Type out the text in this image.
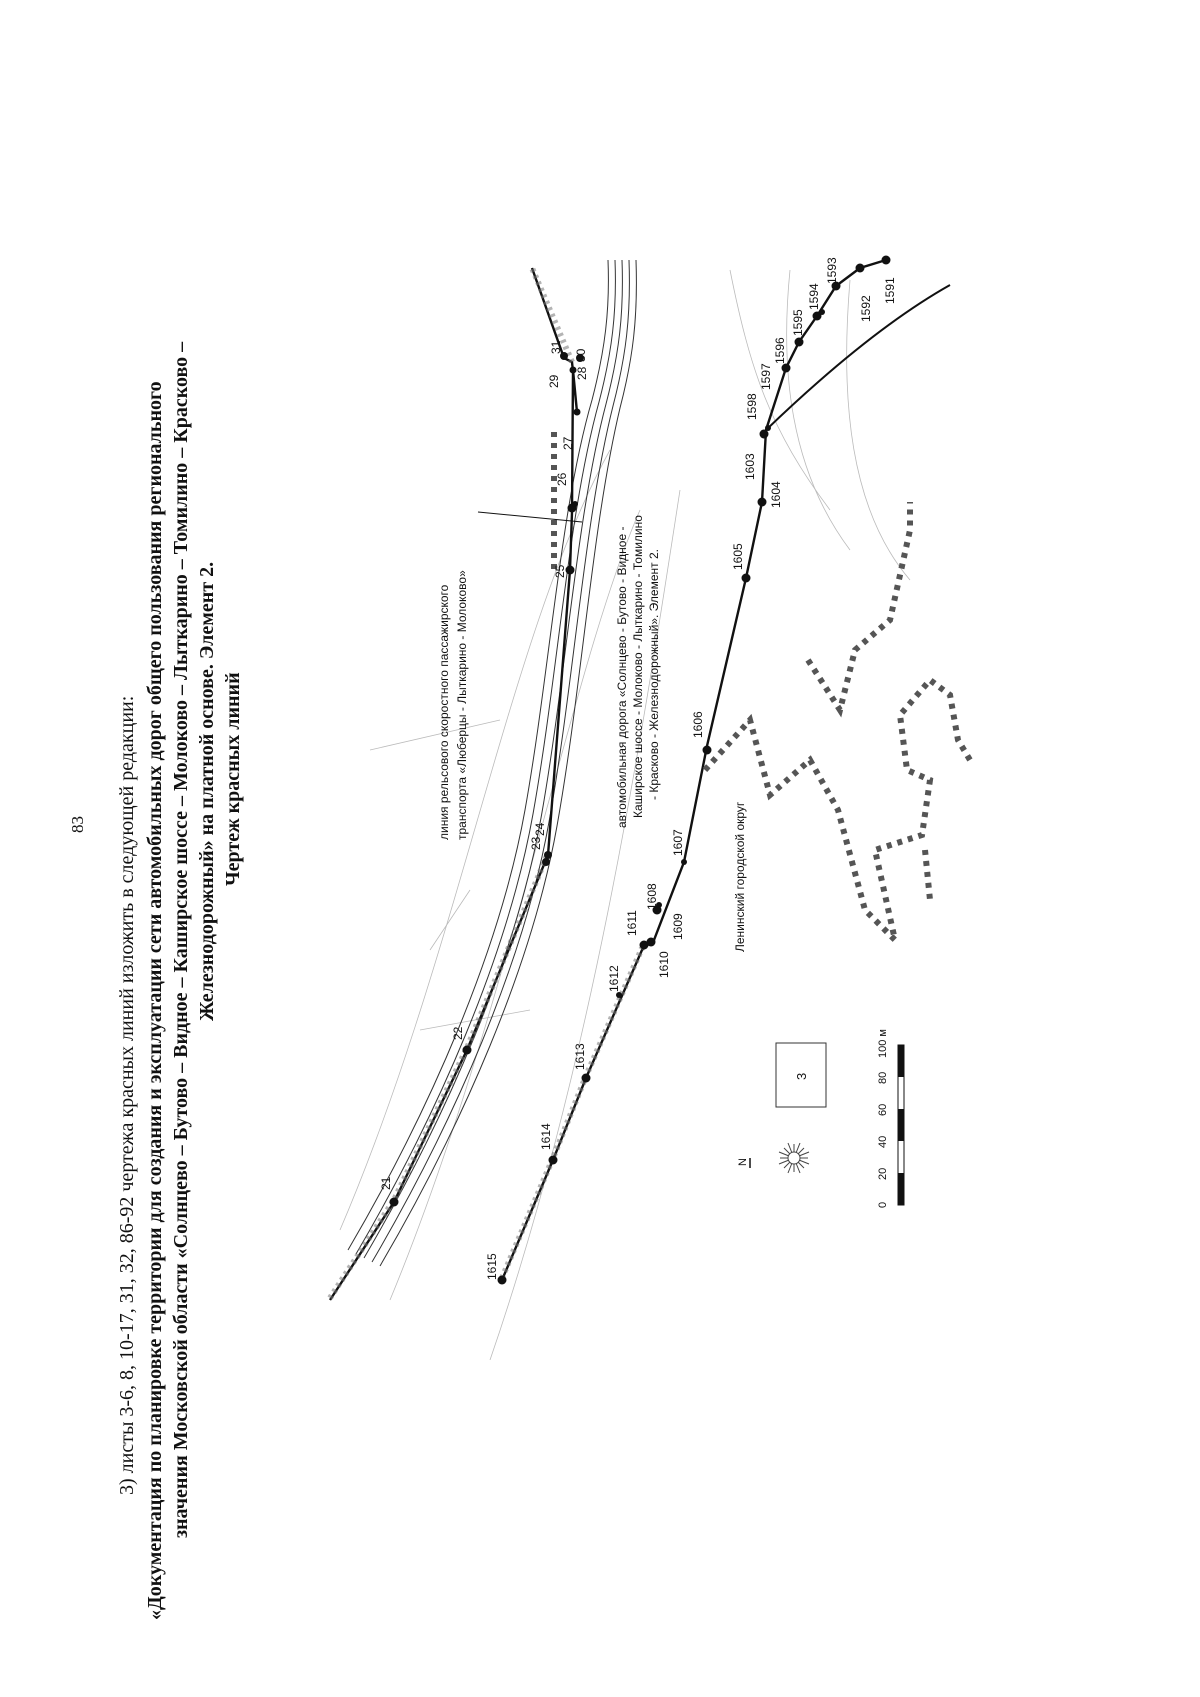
83 3) листы 3-6, 8, 10-17, 31, 32, 86-92 чертежа красных линий изложить в следующей редакции: «Документация по планировке территории для создания и эксплуатации сети автомобильных дорог общего пользования регионального значения Московской области «Солнцево – Бутово – Видное – Каширское шоссе – Молоково – Лыткарино – Томилино – Красково – Железнодорожный» на платной основе. Элемент 2. Чертеж красных линий
21
22
23
24
25
26
27
28
29
30
31
1615
1614
1613
1612
1611
1610
1609
1608
1607
1606
1605
1604
1603
1598
1597
1596
1595
1594
1593
1592
1591
линия рельсового скоростного пассажирского транспорта «Люберцы - Лыткарино - Молоково»	автомобильная дорога «Солнцево - Бутово - Видное - Каширское шоссе - Молоково - Лыткарино - Томилино - Красково - Железнодорожный». Элемент 2.
Ленинский городской округ
3
N
0
20
40
60
80
100 м
